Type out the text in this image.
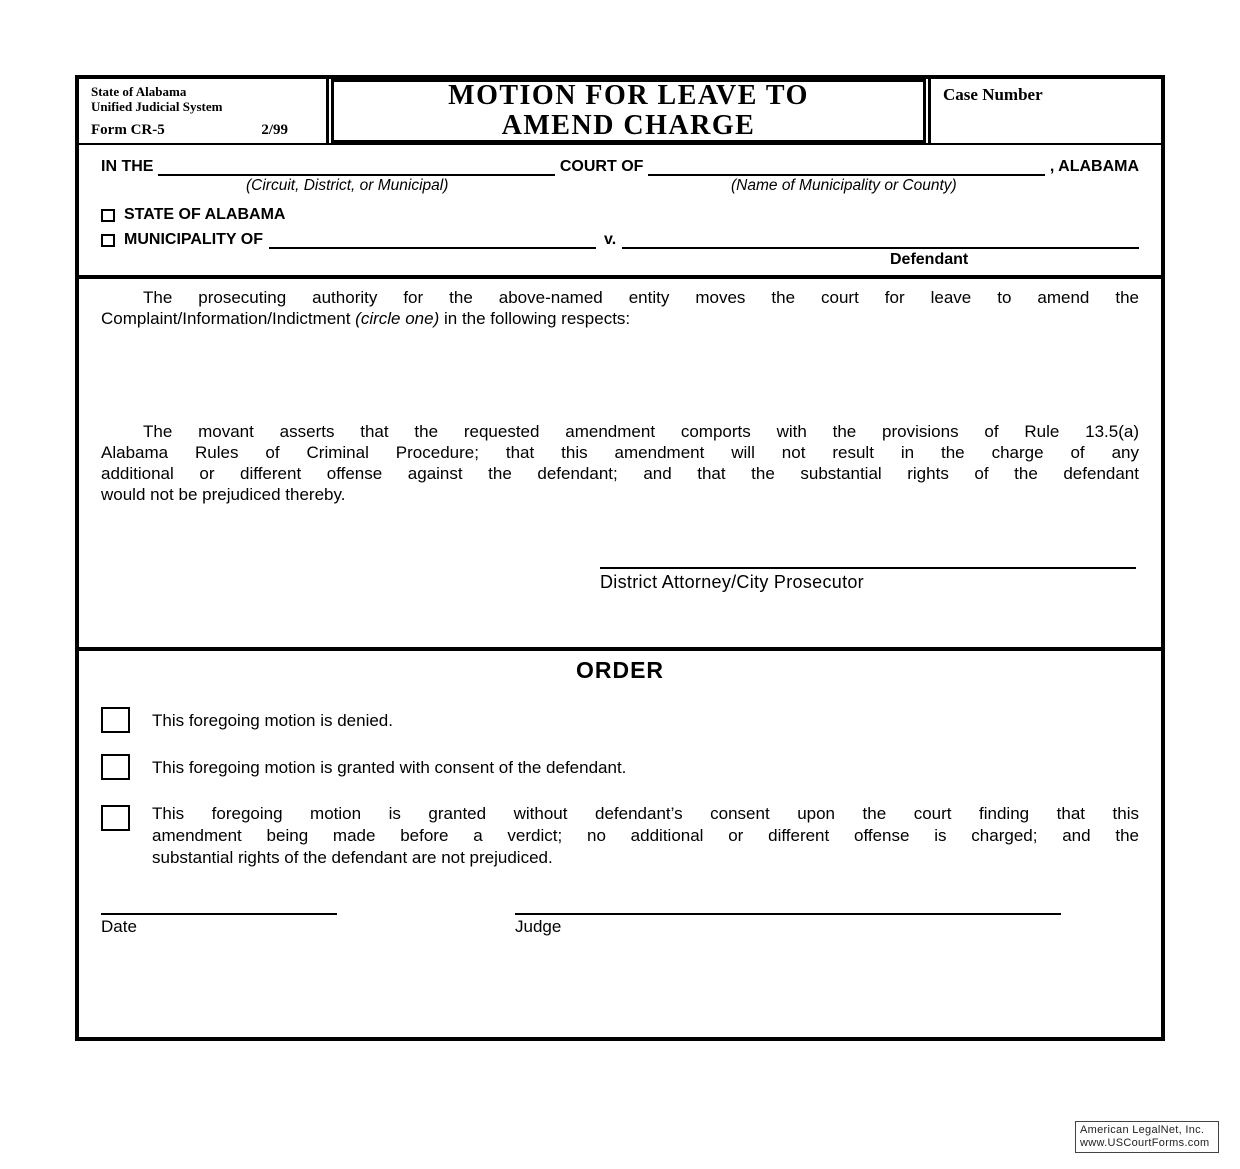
State of Alabama
Unified Judicial System
Form CR-5	2/99
MOTION FOR LEAVE TO AMEND CHARGE
Case Number
IN THE	COURT OF	, ALABAMA
(Circuit, District, or Municipal)	(Name of Municipality or County)
STATE OF ALABAMA
MUNICIPALITY OF	v.
Defendant
The prosecuting authority for the above-named entity moves the court for leave to amend the
Complaint/Information/Indictment (circle one) in the following respects:
The movant asserts that the requested amendment comports with the provisions of Rule 13.5(a)
Alabama Rules of Criminal Procedure; that this amendment will not result in the charge of any
additional or different offense against the defendant; and that the substantial rights of the defendant
would not be prejudiced thereby.
District Attorney/City Prosecutor
ORDER
This foregoing motion is denied.
This foregoing motion is granted with consent of the defendant.
This foregoing motion is granted without defendant’s consent upon the court finding that this
amendment being made before a verdict; no additional or different offense is charged; and the
substantial rights of the defendant are not prejudiced.
Date	Judge
American LegalNet, Inc.
www.USCourtForms.com
